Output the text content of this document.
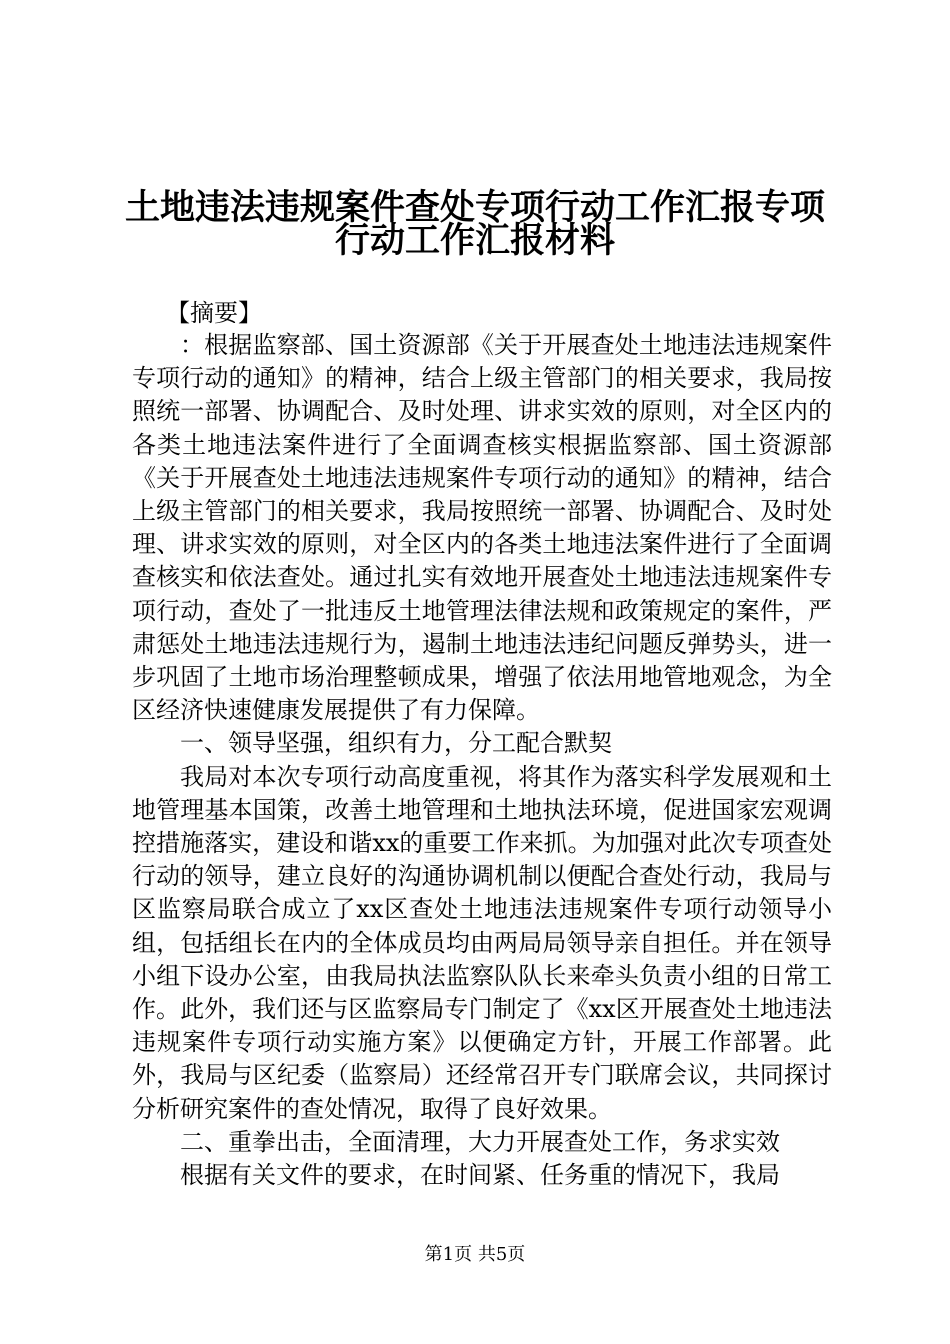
土地违法违规案件查处专项行动工作汇报专项
行动工作汇报材料

【摘要】

：根据监察部、国土资源部《关于开展查处土地违法违规案件专项行动的通知》的精神，结合上级主管部门的相关要求，我局按照统一部署、协调配合、及时处理、讲求实效的原则，对全区内的各类土地违法案件进行了全面调查核实根据监察部、国土资源部《关于开展查处土地违法违规案件专项行动的通知》的精神，结合上级主管部门的相关要求，我局按照统一部署、协调配合、及时处理、讲求实效的原则，对全区内的各类土地违法案件进行了全面调查核实和依法查处。通过扎实有效地开展查处土地违法违规案件专项行动，查处了一批违反土地管理法律法规和政策规定的案件，严肃惩处土地违法违规行为，遏制土地违法违纪问题反弹势头，进一步巩固了土地市场治理整顿成果，增强了依法用地管地观念，为全区经济快速健康发展提供了有力保障。

一、领导坚强，组织有力，分工配合默契

我局对本次专项行动高度重视，将其作为落实科学发展观和土地管理基本国策，改善土地管理和土地执法环境，促进国家宏观调控措施落实，建设和谐xx的重要工作来抓。为加强对此次专项查处行动的领导，建立良好的沟通协调机制以便配合查处行动，我局与区监察局联合成立了xx区查处土地违法违规案件专项行动领导小组，包括组长在内的全体成员均由两局局领导亲自担任。并在领导小组下设办公室，由我局执法监察队队长来牵头负责小组的日常工作。此外，我们还与区监察局专门制定了《xx区开展查处土地违法违规案件专项行动实施方案》以便确定方针，开展工作部署。此外，我局与区纪委（监察局）还经常召开专门联席会议，共同探讨分析研究案件的查处情况，取得了良好效果。

二、重拳出击，全面清理，大力开展查处工作，务求实效

根据有关文件的要求，在时间紧、任务重的情况下，我局

第1页 共5页
